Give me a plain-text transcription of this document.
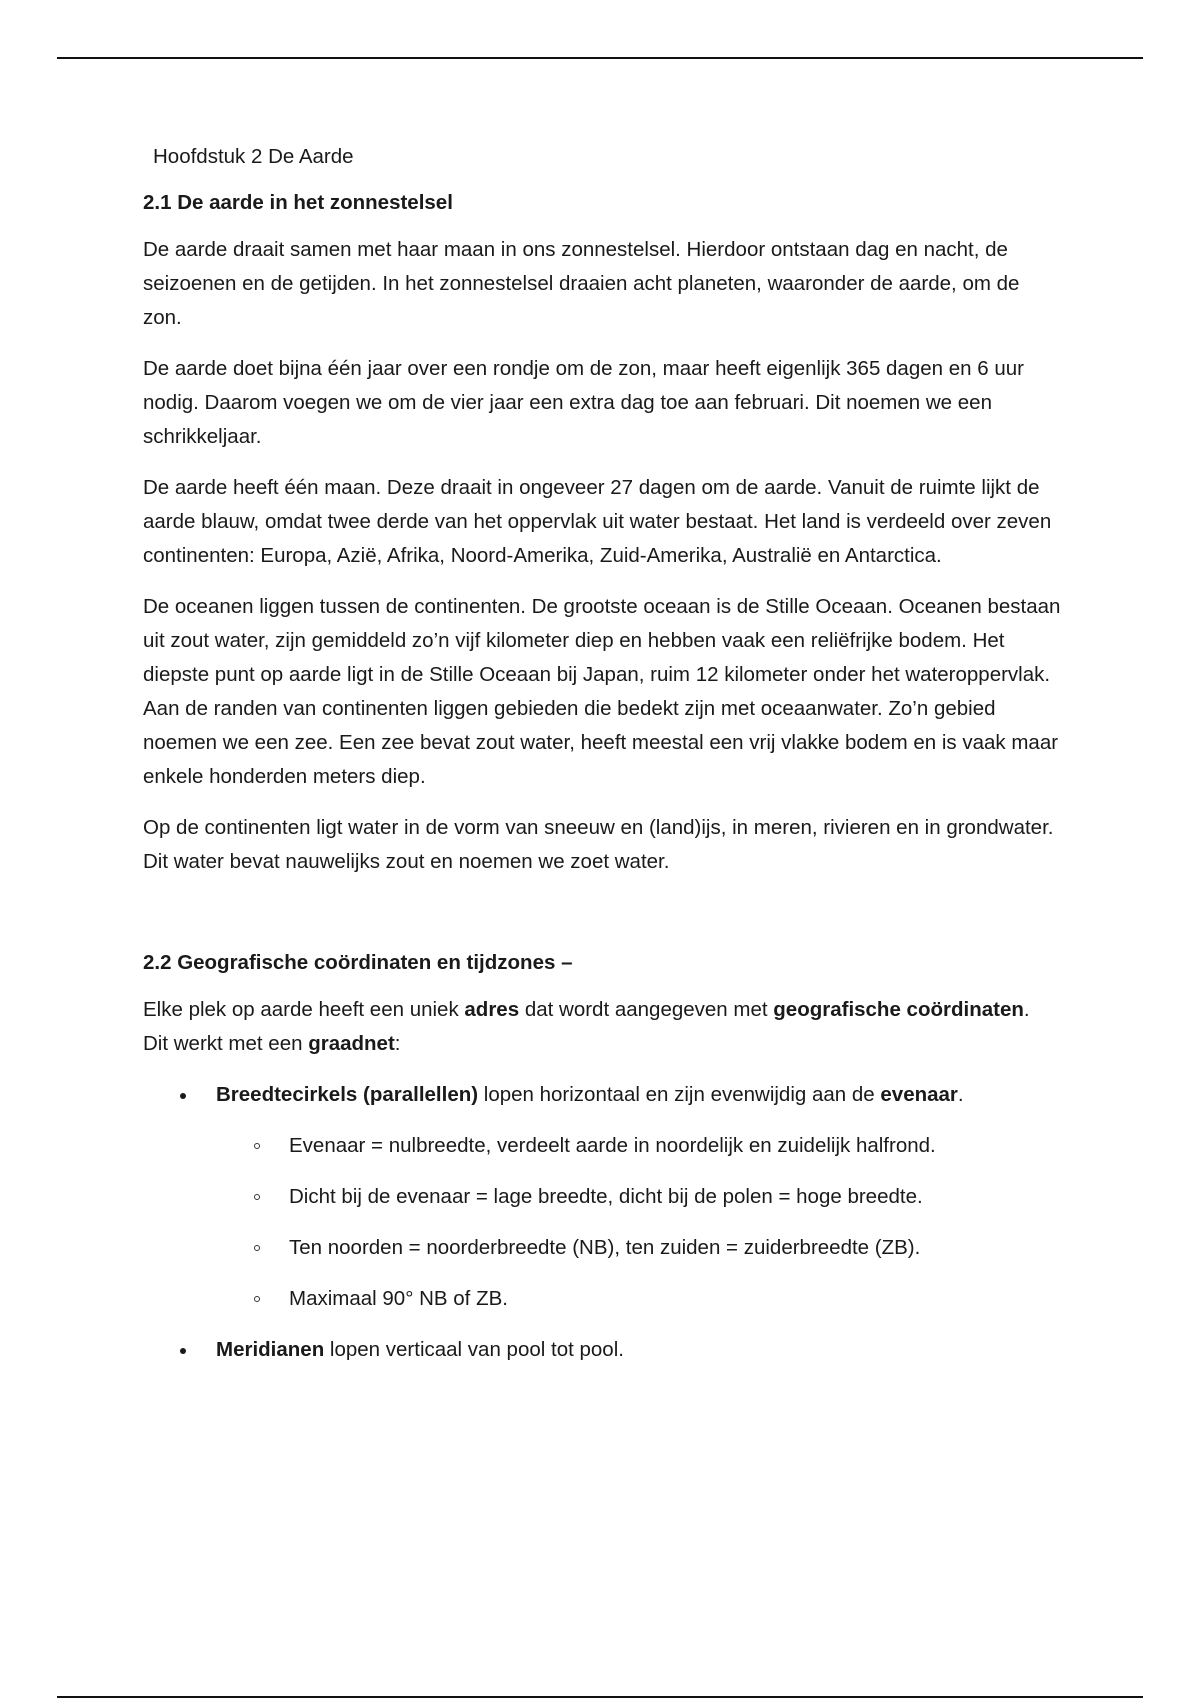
Hoofdstuk 2 De Aarde
2.1 De aarde in het zonnestelsel

De aarde draait samen met haar maan in ons zonnestelsel. Hierdoor ontstaan dag en nacht, de seizoenen en de getijden. In het zonnestelsel draaien acht planeten, waaronder de aarde, om de zon.

De aarde doet bijna één jaar over een rondje om de zon, maar heeft eigenlijk 365 dagen en 6 uur nodig. Daarom voegen we om de vier jaar een extra dag toe aan februari. Dit noemen we een schrikkeljaar.

De aarde heeft één maan. Deze draait in ongeveer 27 dagen om de aarde. Vanuit de ruimte lijkt de aarde blauw, omdat twee derde van het oppervlak uit water bestaat. Het land is verdeeld over zeven continenten: Europa, Azië, Afrika, Noord-Amerika, Zuid-Amerika, Australië en Antarctica.

De oceanen liggen tussen de continenten. De grootste oceaan is de Stille Oceaan. Oceanen bestaan uit zout water, zijn gemiddeld zo’n vijf kilometer diep en hebben vaak een reliëfrijke bodem. Het diepste punt op aarde ligt in de Stille Oceaan bij Japan, ruim 12 kilometer onder het wateroppervlak. Aan de randen van continenten liggen gebieden die bedekt zijn met oceaanwater. Zo’n gebied noemen we een zee. Een zee bevat zout water, heeft meestal een vrij vlakke bodem en is vaak maar enkele honderden meters diep.

Op de continenten ligt water in de vorm van sneeuw en (land)ijs, in meren, rivieren en in grondwater. Dit water bevat nauwelijks zout en noemen we zoet water.

2.2 Geografische coördinaten en tijdzones –

Elke plek op aarde heeft een uniek adres dat wordt aangegeven met geografische coördinaten.

Dit werkt met een graadnet:
Breedtecirkels (parallellen) lopen horizontaal en zijn evenwijdig aan de evenaar.
Evenaar = nulbreedte, verdeelt aarde in noordelijk en zuidelijk halfrond.
Dicht bij de evenaar = lage breedte, dicht bij de polen = hoge breedte.
Ten noorden = noorderbreedte (NB), ten zuiden = zuiderbreedte (ZB).
Maximaal 90° NB of ZB.
Meridianen lopen verticaal van pool tot pool.
